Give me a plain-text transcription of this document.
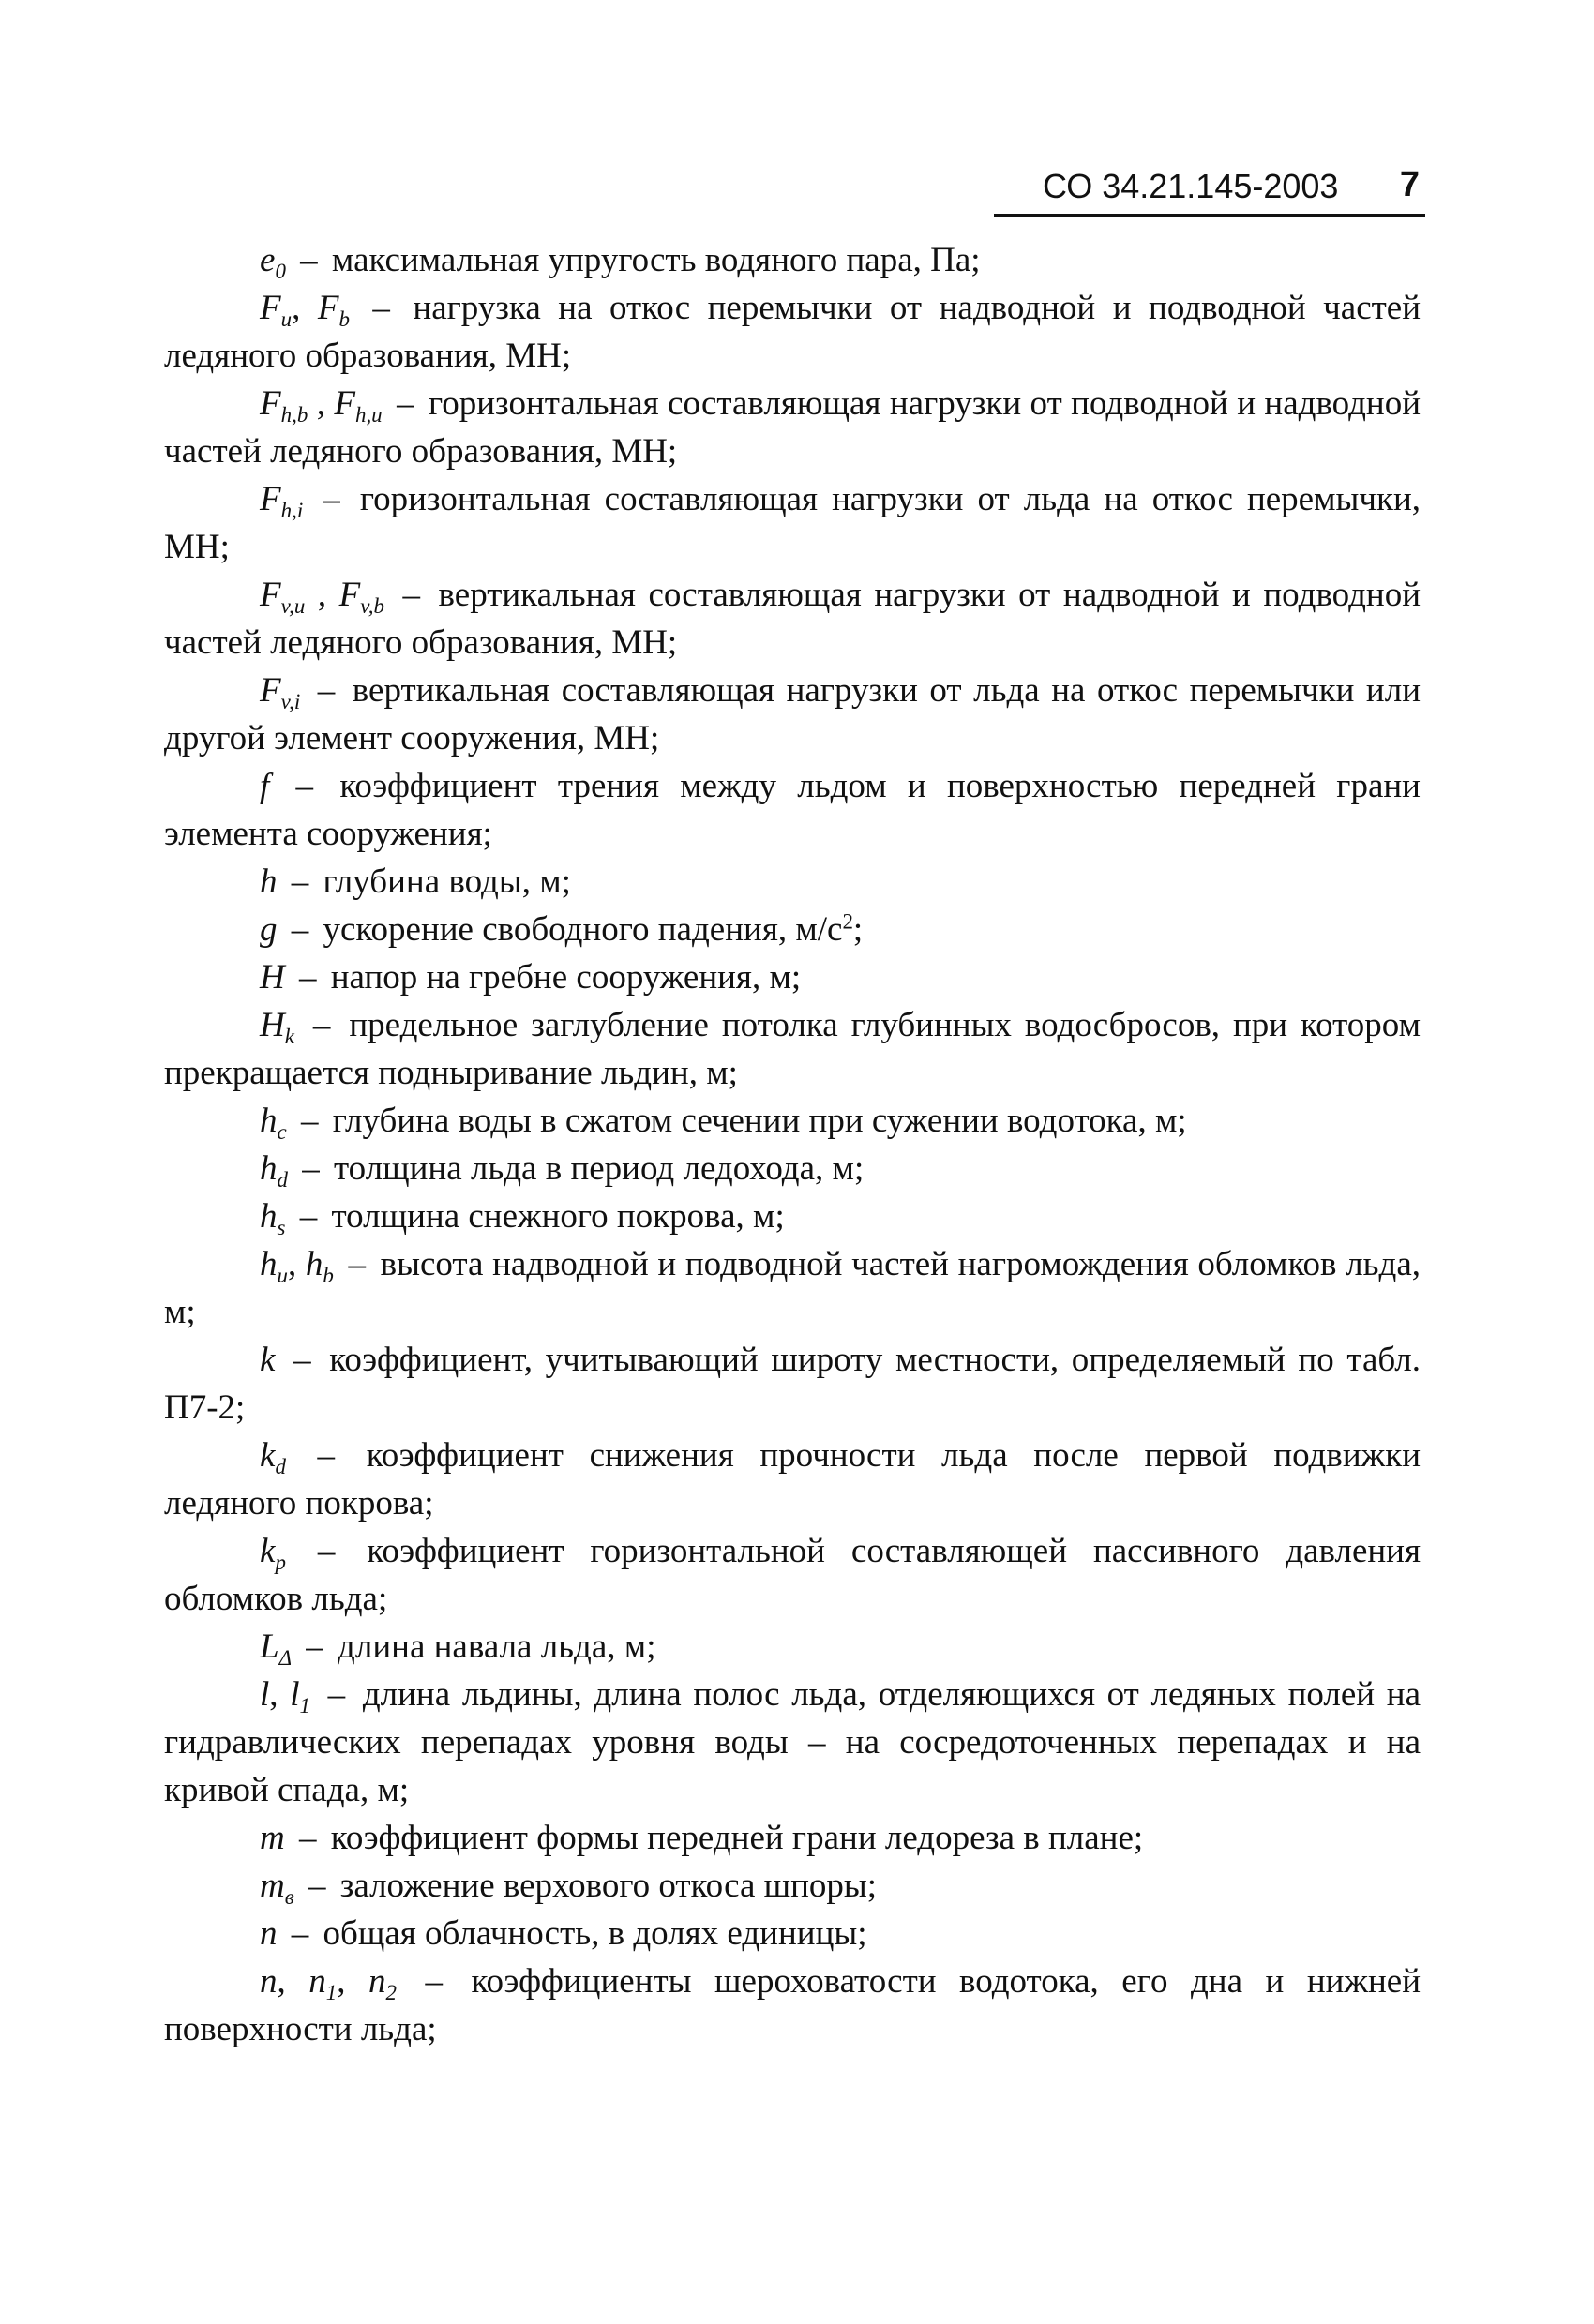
СО 34.21.145-2003 7

$e_0$ – максимальная упругость водяного пара, Па;

$F_u$, $F_b$ – нагрузка на откос перемычки от надводной и подводной частей ледяного образования, МН;

$F_{h,b}$ , $F_{h,u}$ – горизонтальная составляющая нагрузки от подводной и надводной частей ледяного образования, МН;

$F_{h,i}$ – горизонтальная составляющая нагрузки от льда на откос перемычки, МН;

$F_{v,u}$ , $F_{v,b}$ – вертикальная составляющая нагрузки от надводной и подводной частей ледяного образования, МН;

$F_{v,i}$ – вертикальная составляющая нагрузки от льда на откос перемычки или другой элемент сооружения, МН;

f – коэффициент трения между льдом и поверхностью передней грани элемента сооружения;

h – глубина воды, м;

g – ускорение свободного падения, $м/с^2$;

H – напор на гребне сооружения, м;

$H_k$ – предельное заглубление потолка глубинных водосбросов, при котором прекращается подныривание льдин, м;

$h_c$ – глубина воды в сжатом сечении при сужении водотока, м;

$h_d$ – толщина льда в период ледохода, м;

$h_s$ – толщина снежного покрова, м;

$h_u$, $h_b$ – высота надводной и подводной частей нагромождения обломков льда, м;

k – коэффициент, учитывающий широту местности, определяемый по табл. П7-2;

$k_d$ – коэффициент снижения прочности льда после первой подвижки ледяного покрова;

$k_p$ – коэффициент горизонтальной составляющей пассивного давления обломков льда;

$L_\Delta$ – длина навала льда, м;

l, $l_1$ – длина льдины, длина полос льда, отделяющихся от ледяных полей на гидравлических перепадах уровня воды – на сосредоточенных перепадах и на кривой спада, м;

m – коэффициент формы передней грани ледореза в плане;

$m_в$ – заложение верхового откоса шпоры;

n – общая облачность, в долях единицы;

n, $n_1$, $n_2$ – коэффициенты шероховатости водотока, его дна и нижней поверхности льда;
